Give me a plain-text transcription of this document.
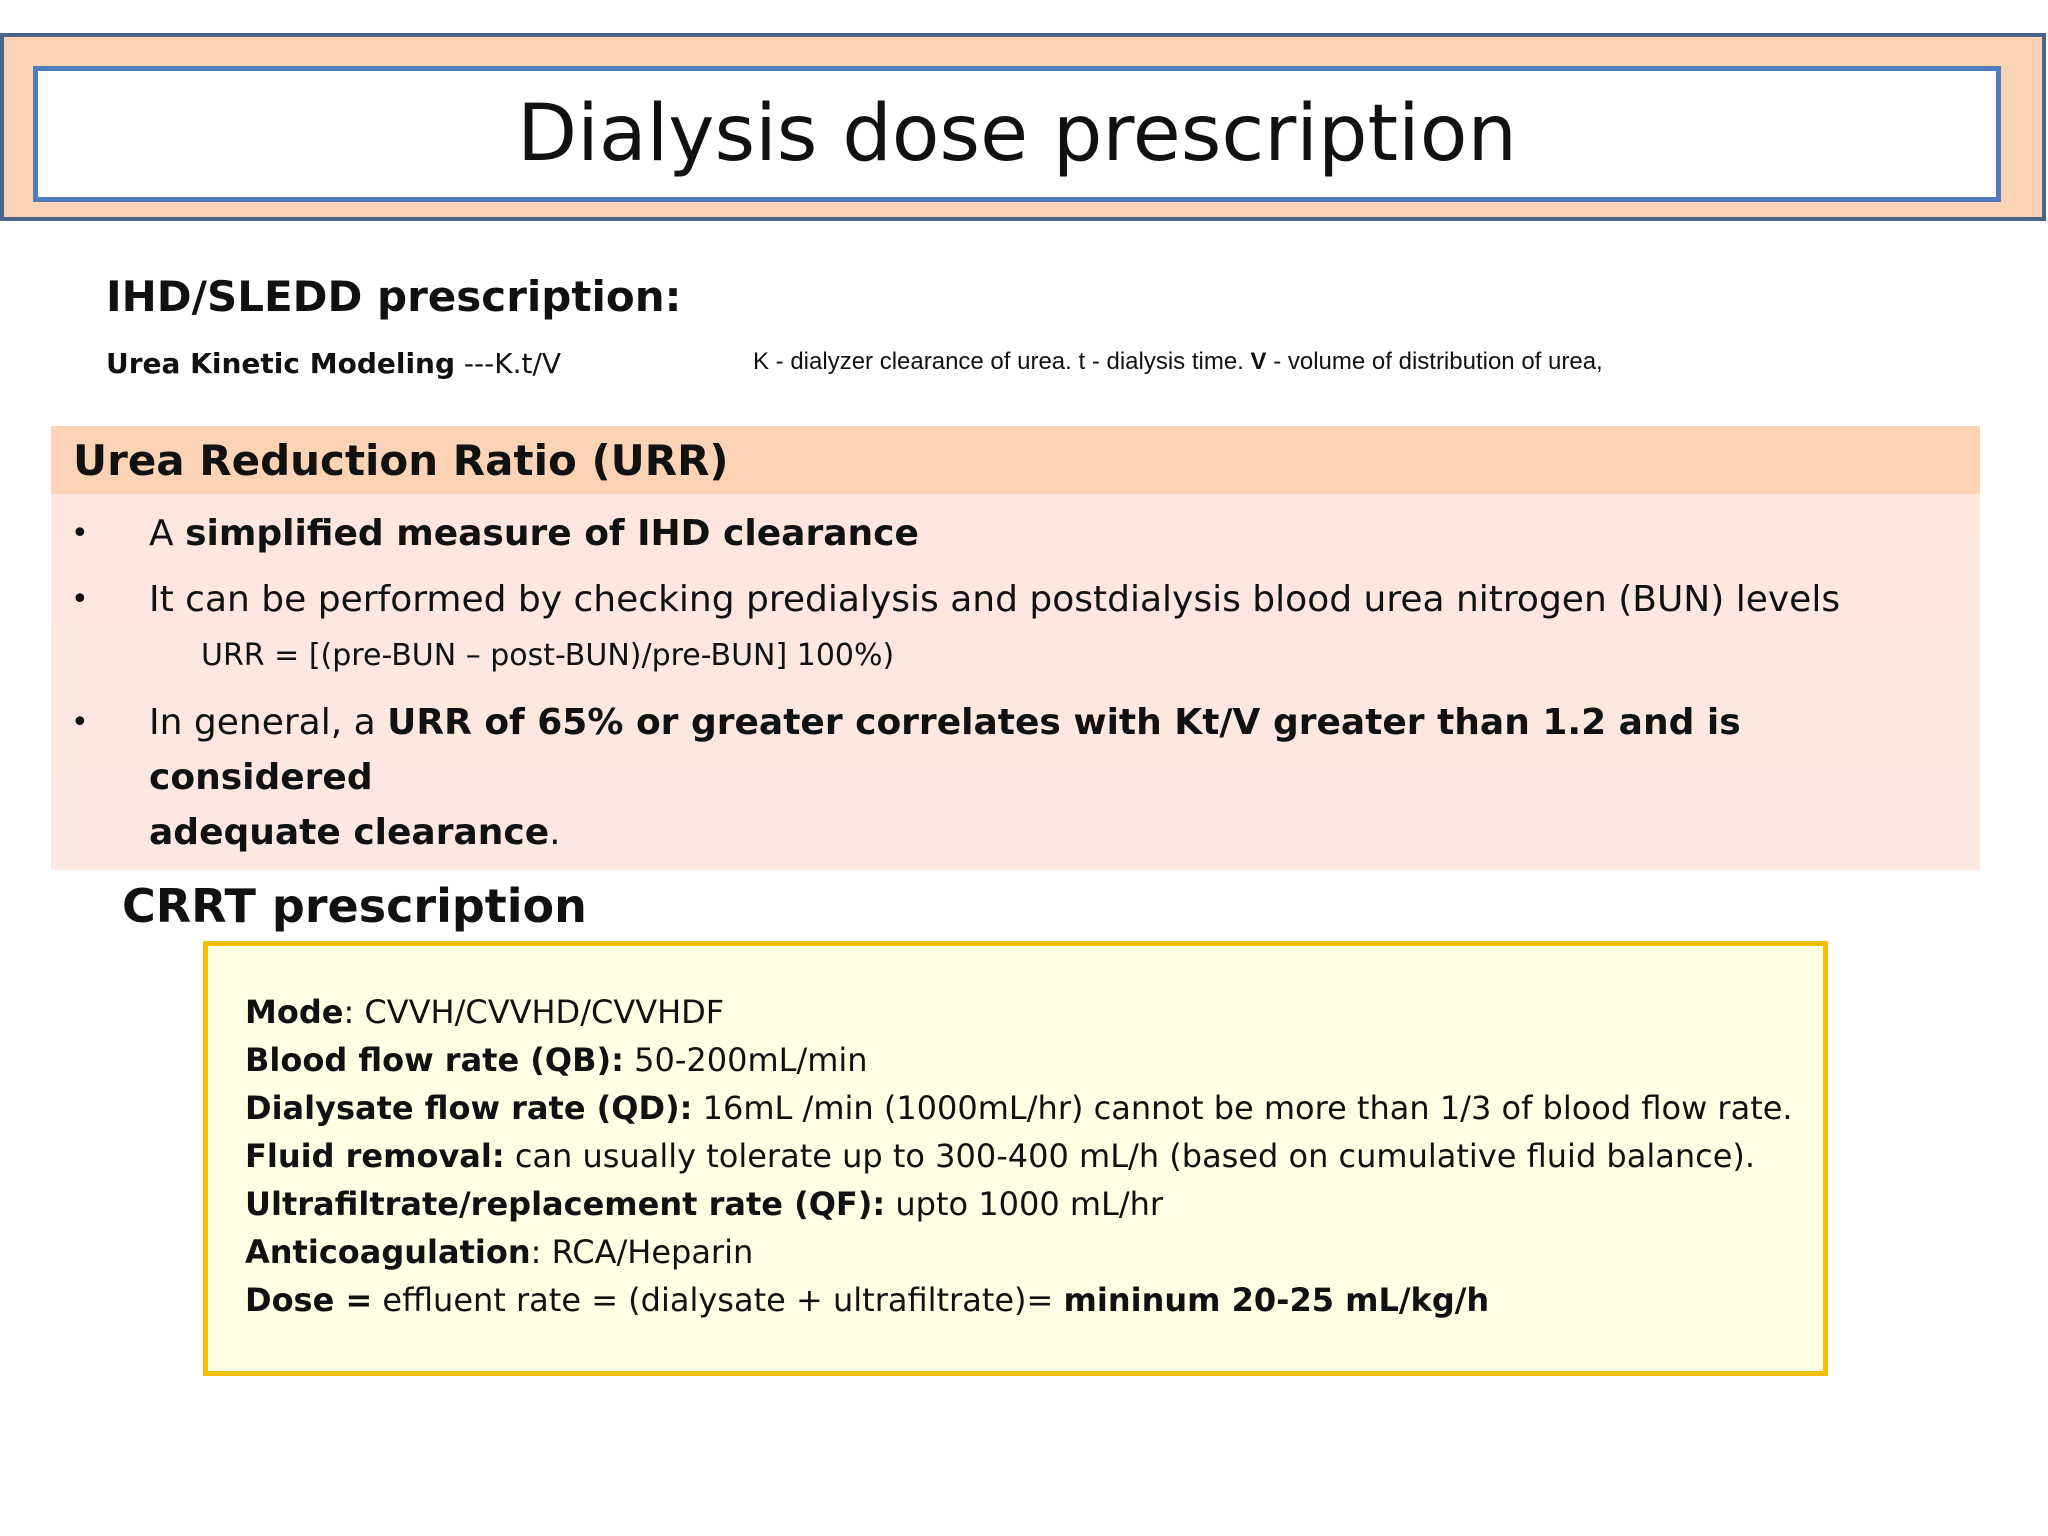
Dialysis dose prescription
IHD/SLEDD prescription:
Urea Kinetic Modeling ---K.t/V	K - dialyzer clearance of urea. t - dialysis time. V - volume of distribution of urea,
Urea Reduction Ratio (URR)
• A simplified measure of IHD clearance
• It can be performed by checking predialysis and postdialysis blood urea nitrogen (BUN) levels
URR = [(pre-BUN – post-BUN)/pre-BUN] 100%)
• In general, a URR of 65% or greater correlates with Kt/V greater than 1.2 and is considered
adequate clearance.
CRRT prescription
Mode: CVVH/CVVHD/CVVHDF
Blood flow rate (QB): 50-200mL/min
Dialysate flow rate (QD): 16mL /min (1000mL/hr) cannot be more than 1/3 of blood flow rate.
Fluid removal: can usually tolerate up to 300-400 mL/h (based on cumulative fluid balance).
Ultrafiltrate/replacement rate (QF): upto 1000 mL/hr
Anticoagulation: RCA/Heparin
Dose = effluent rate = (dialysate + ultrafiltrate)= mininum 20-25 mL/kg/h
